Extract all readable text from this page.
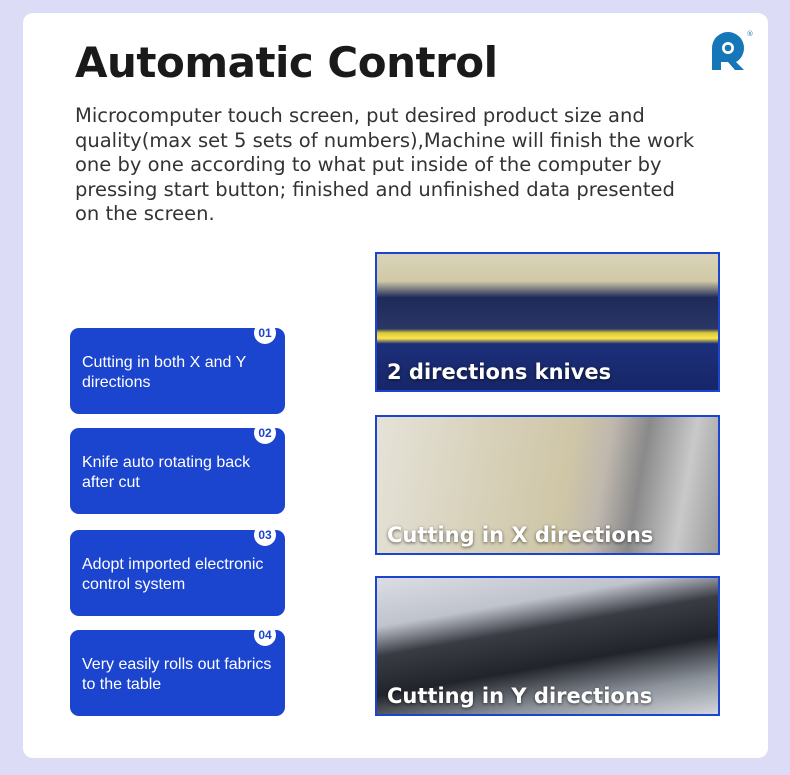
Automatic Control

Microcomputer touch screen, put desired product size and quality(max set 5 sets of numbers),Machine will finish the work one by one according to what put inside of the computer by pressing start button; finished and unfinished data presented on the screen.

®
01
Cutting in both X and Y directions
02
Knife auto rotating back after cut
03
Adopt imported electronic control system
04
Very easily rolls out fabrics to the table
2 directions knives
Cutting in X directions
Cutting in Y directions
